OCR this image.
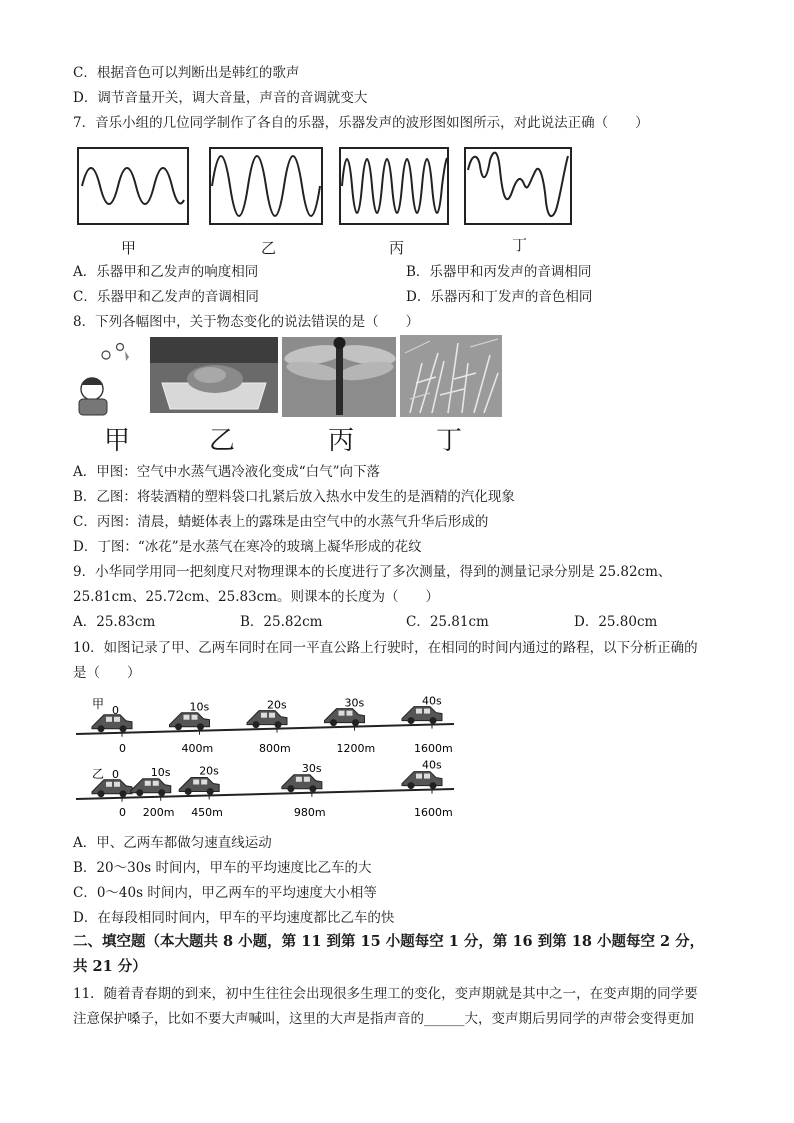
C．根据音色可以判断出是韩红的歌声
D．调节音量开关，调大音量，声音的音调就变大
7．音乐小组的几位同学制作了各自的乐器，乐器发声的波形图如图所示，对此说法正确（　　）
甲	乙	丙	丁
A．乐器甲和乙发声的响度相同	B．乐器甲和丙发声的音调相同
C．乐器甲和乙发声的音调相同	D．乐器丙和丁发声的音色相同
8．下列各幅图中，关于物态变化的说法错误的是（　　）
甲	乙	丙	丁
A．甲图：空气中水蒸气遇冷液化变成“白气”向下落
B．乙图：将装酒精的塑料袋口扎紧后放入热水中发生的是酒精的汽化现象
C．丙图：清晨，蜻蜓体表上的露珠是由空气中的水蒸气升华后形成的
D．丁图：“冰花”是水蒸气在寒冷的玻璃上凝华形成的花纹
9．小华同学用同一把刻度尺对物理课本的长度进行了多次测量，得到的测量记录分别是 25.82cm、
25.81cm、25.72cm、25.83cm。则课本的长度为（　　）
A．25.83cm	B．25.82cm	C．25.81cm	D．25.80cm
10．如图记录了甲、乙两车同时在同一平直公路上行驶时，在相同的时间内通过的路程，以下分析正确的
是（　　）
甲 0	10s	20s	30s	40s
0	400m	800m	1200m	1600m
乙 0	10s	20s	30s	40s
0 200m 450m	980m	1600m
A．甲、乙两车都做匀速直线运动
B．20～30s 时间内，甲车的平均速度比乙车的大
C．0～40s 时间内，甲乙两车的平均速度大小相等
D．在每段相同时间内，甲车的平均速度都比乙车的快
二、填空题（本大题共 8 小题，第 11 到第 15 小题每空 1 分，第 16 到第 18 小题每空 2 分，
共 21 分）
11．随着青春期的到来，初中生往往会出现很多生理工的变化，变声期就是其中之一，在变声期的同学要
注意保护嗓子，比如不要大声喊叫，这里的大声是指声音的______大，变声期后男同学的声带会变得更加
